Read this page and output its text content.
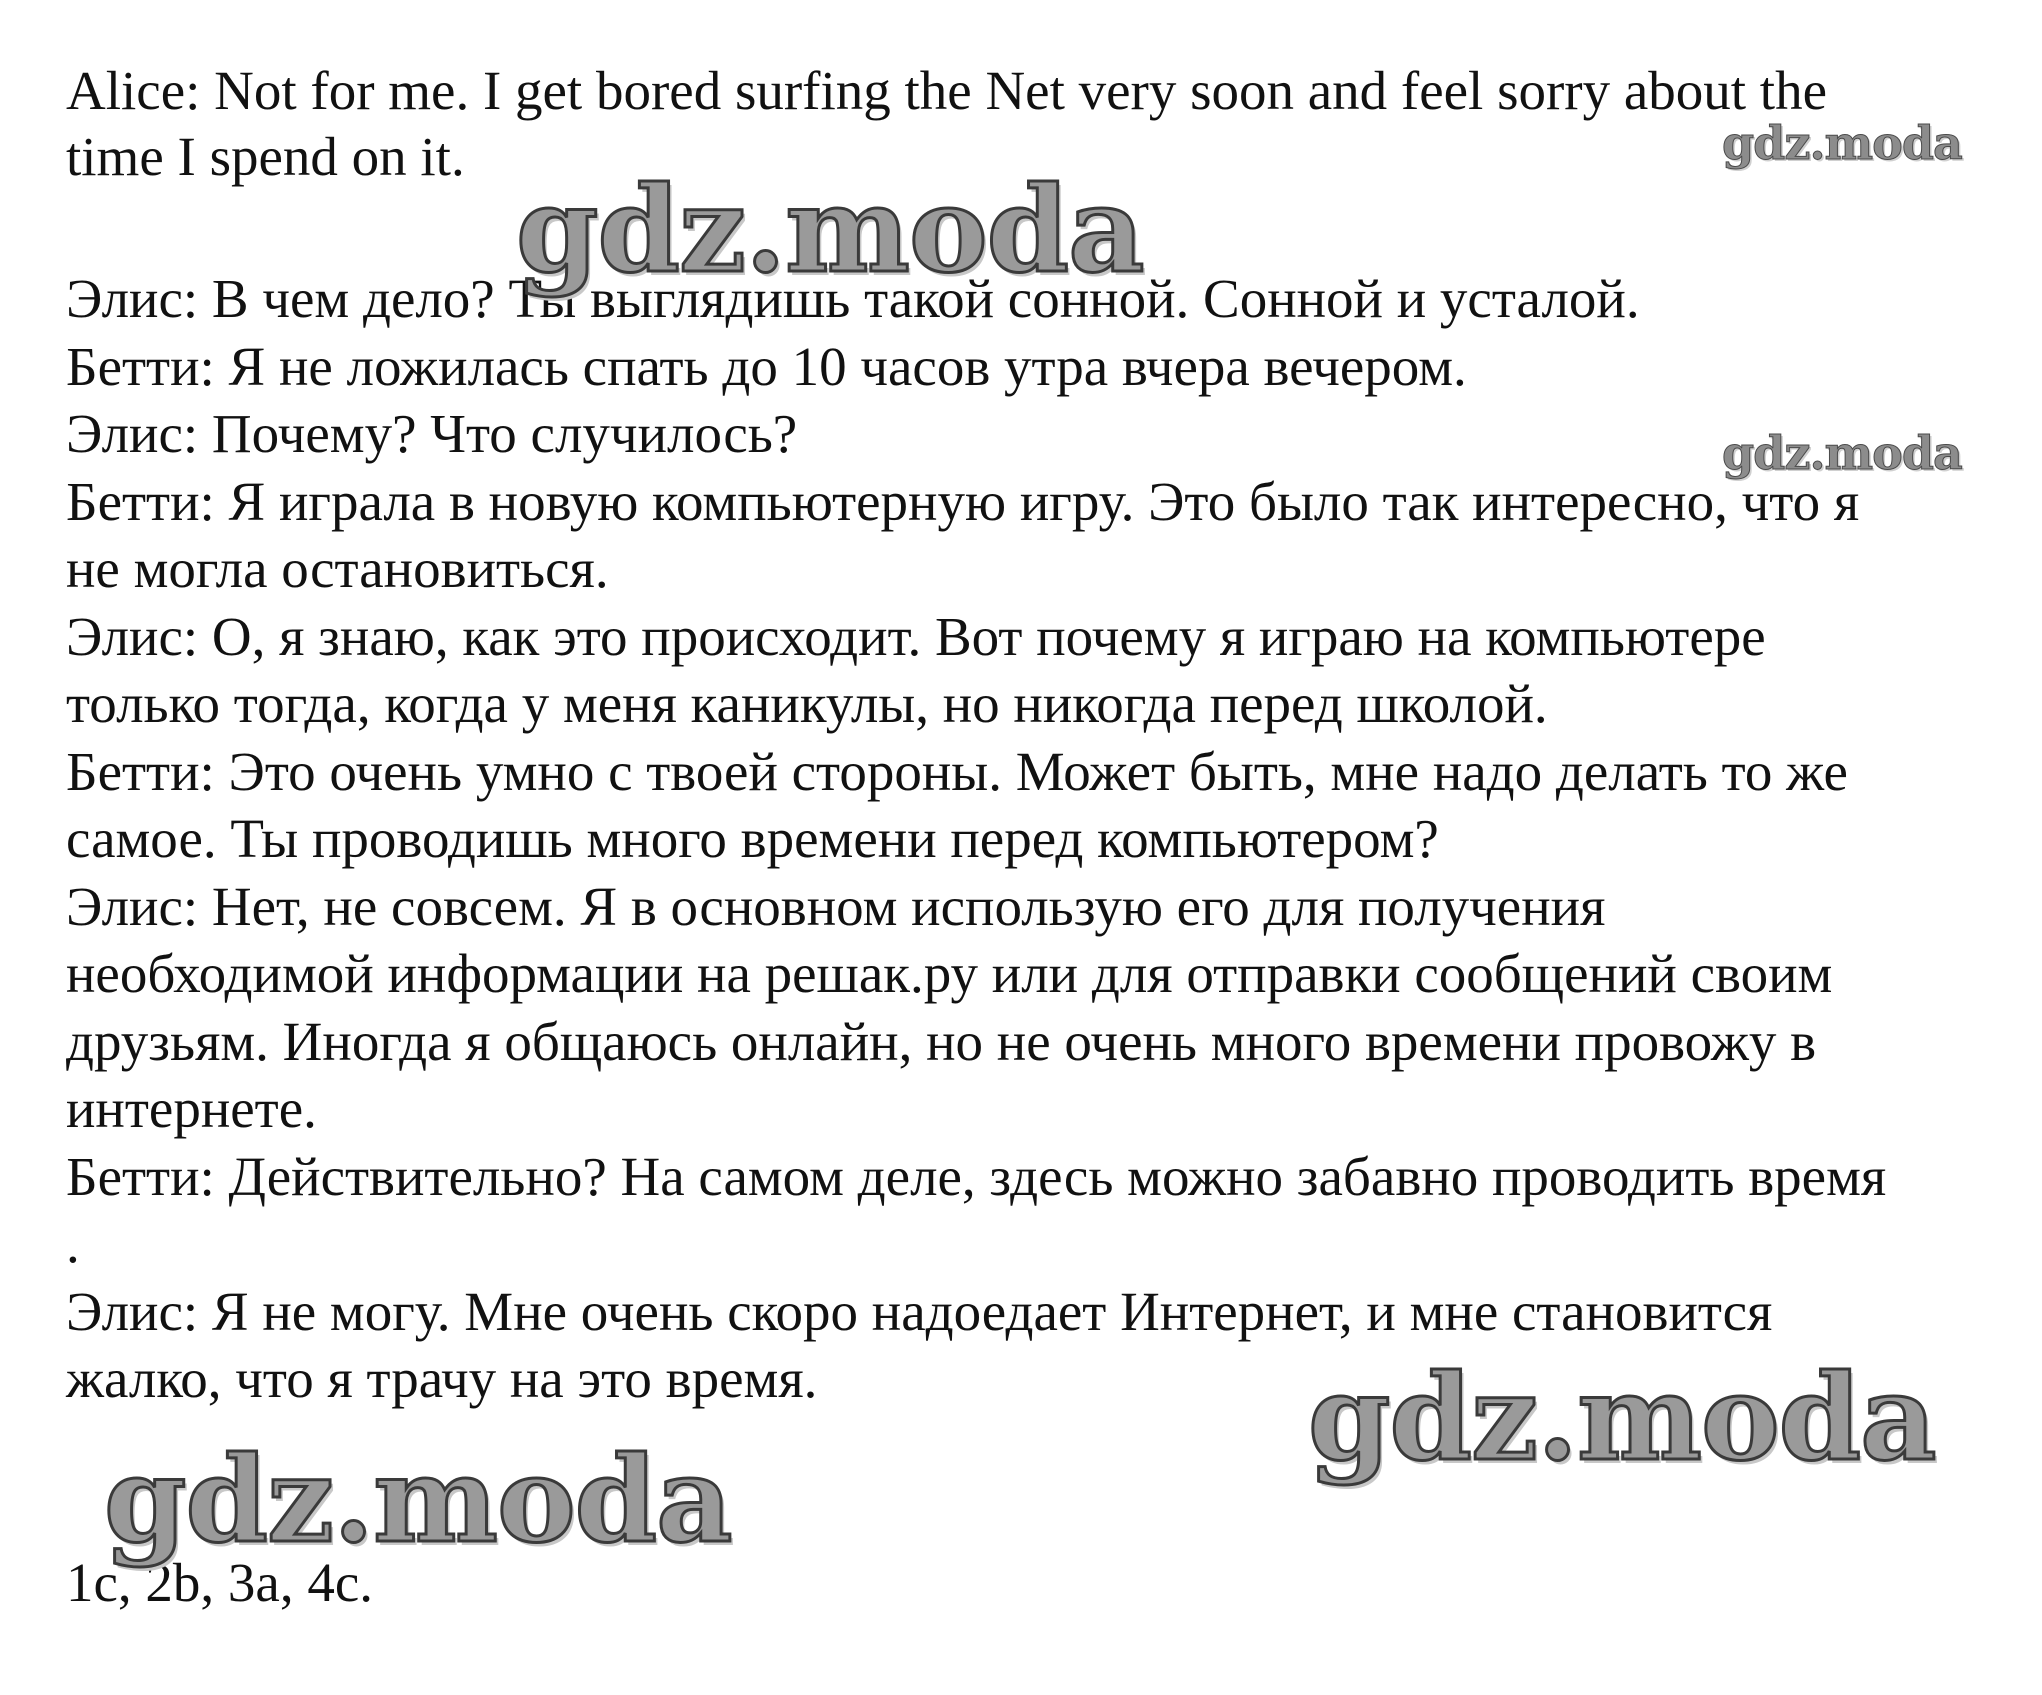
Alice: Not for me. I get bored surfing the Net very soon and feel sorry about the

time I spend on it.

Элис: В чем дело? Ты выглядишь такой сонной. Сонной и усталой.

Бетти: Я не ложилась спать до 10 часов утра вчера вечером.

Элис: Почему? Что случилось?

Бетти: Я играла в новую компьютерную игру. Это было так интересно, что я

не могла остановиться.

Элис: О, я знаю, как это происходит. Вот почему я играю на компьютере

только тогда, когда у меня каникулы, но никогда перед школой.

Бетти: Это очень умно с твоей стороны. Может быть, мне надо делать то же

самое. Ты проводишь много времени перед компьютером?

Элис: Нет, не совсем. Я в основном использую его для получения

необходимой информации на решак.ру или для отправки сообщений своим

друзьям. Иногда я общаюсь онлайн, но не очень много времени провожу в

интернете.

Бетти: Действительно? На самом деле, здесь можно забавно проводить время

.

Элис: Я не могу. Мне очень скоро надоедает Интернет, и мне становится

жалко, что я трачу на это время.

1c, 2b, 3a, 4c.

gdz.moda
gdz.moda
gdz.moda
gdz.moda
gdz.moda
